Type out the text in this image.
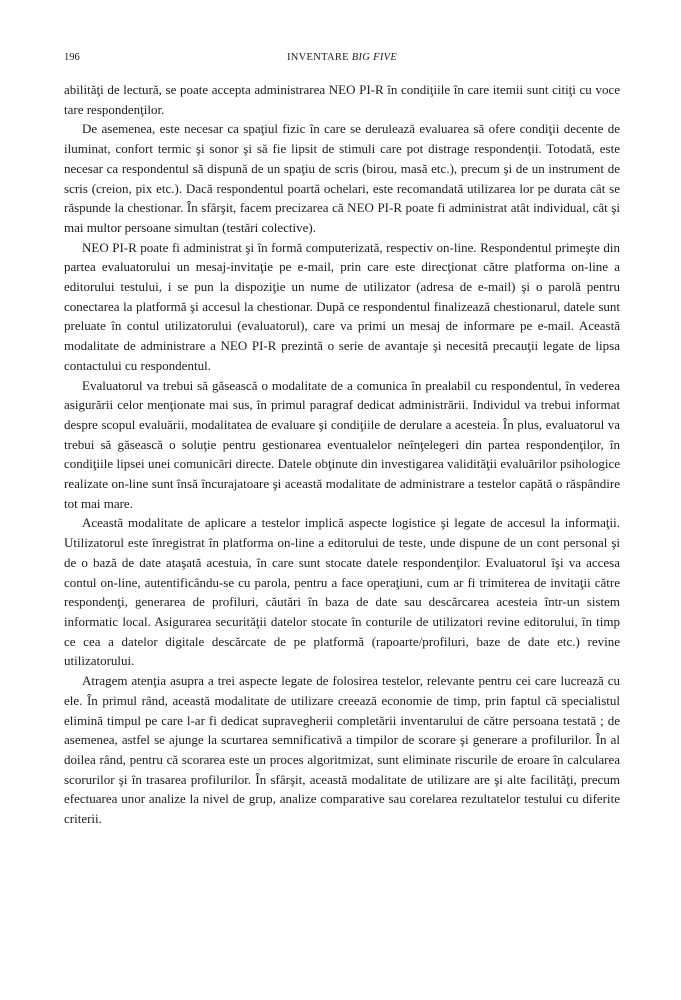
196	INVENTARE BIG FIVE

abilităţi de lectură, se poate accepta administrarea NEO PI-R în condiţiile în care itemii sunt citiţi cu voce tare respondenţilor.

De asemenea, este necesar ca spaţiul fizic în care se derulează evaluarea să ofere condiţii decente de iluminat, confort termic şi sonor şi să fie lipsit de stimuli care pot distrage respondenţii. Totodată, este necesar ca respondentul să dispună de un spaţiu de scris (birou, masă etc.), precum şi de un instrument de scris (creion, pix etc.). Dacă respondentul poartă ochelari, este recomandată utilizarea lor pe durata cât se răspunde la chestionar. În sfârşit, facem precizarea că NEO PI-R poate fi administrat atât individual, cât şi mai multor persoane simultan (testări colective).

NEO PI-R poate fi administrat şi în formă computerizată, respectiv on-line. Respondentul primeşte din partea evaluatorului un mesaj-invitaţie pe e-mail, prin care este direcţionat către platforma on-line a editorului testului, i se pun la dispoziţie un nume de utilizator (adresa de e-mail) şi o parolă pentru conectarea la platformă şi accesul la chestionar. După ce respondentul finalizează chestionarul, datele sunt preluate în contul utilizatorului (evaluatorul), care va primi un mesaj de informare pe e-mail. Această modalitate de administrare a NEO PI-R prezintă o serie de avantaje şi necesită precauţii legate de lipsa contactului cu respondentul.

Evaluatorul va trebui să găsească o modalitate de a comunica în prealabil cu respondentul, în vederea asigurării celor menţionate mai sus, în primul paragraf dedicat administrării. Individul va trebui informat despre scopul evaluării, modalitatea de evaluare şi condiţiile de derulare a acesteia. În plus, evaluatorul va trebui să găsească o soluţie pentru gestionarea eventualelor neînţelegeri din partea respondenţilor, în condiţiile lipsei unei comunicări directe. Datele obţinute din investigarea validităţii evaluărilor psihologice realizate on-line sunt însă încurajatoare şi această modalitate de administrare a testelor capătă o răspândire tot mai mare.

Această modalitate de aplicare a testelor implică aspecte logistice şi legate de accesul la informaţii. Utilizatorul este înregistrat în platforma on-line a editorului de teste, unde dispune de un cont personal şi de o bază de date ataşată acestuia, în care sunt stocate datele respondenţilor. Evaluatorul îşi va accesa contul on-line, autentificându-se cu parola, pentru a face operaţiuni, cum ar fi trimiterea de invitaţii către respondenţi, generarea de profiluri, căutări în baza de date sau descărcarea acesteia într-un sistem informatic local. Asigurarea securităţii datelor stocate în conturile de utilizatori revine editorului, în timp ce cea a datelor digitale descărcate de pe platformă (rapoarte/profiluri, baze de date etc.) revine utilizatorului.

Atragem atenţia asupra a trei aspecte legate de folosirea testelor, relevante pentru cei care lucrează cu ele. În primul rând, această modalitate de utilizare creează economie de timp, prin faptul că specialistul elimină timpul pe care l-ar fi dedicat supravegherii completării inventarului de către persoana testată ; de asemenea, astfel se ajunge la scurtarea semnificativă a timpilor de scorare şi generare a profilurilor. În al doilea rând, pentru că scorarea este un proces algoritmizat, sunt eliminate riscurile de eroare în calcularea scorurilor şi în trasarea profilurilor. În sfârşit, această modalitate de utilizare are şi alte facilităţi, precum efectuarea unor analize la nivel de grup, analize comparative sau corelarea rezultatelor testului cu diferite criterii.
